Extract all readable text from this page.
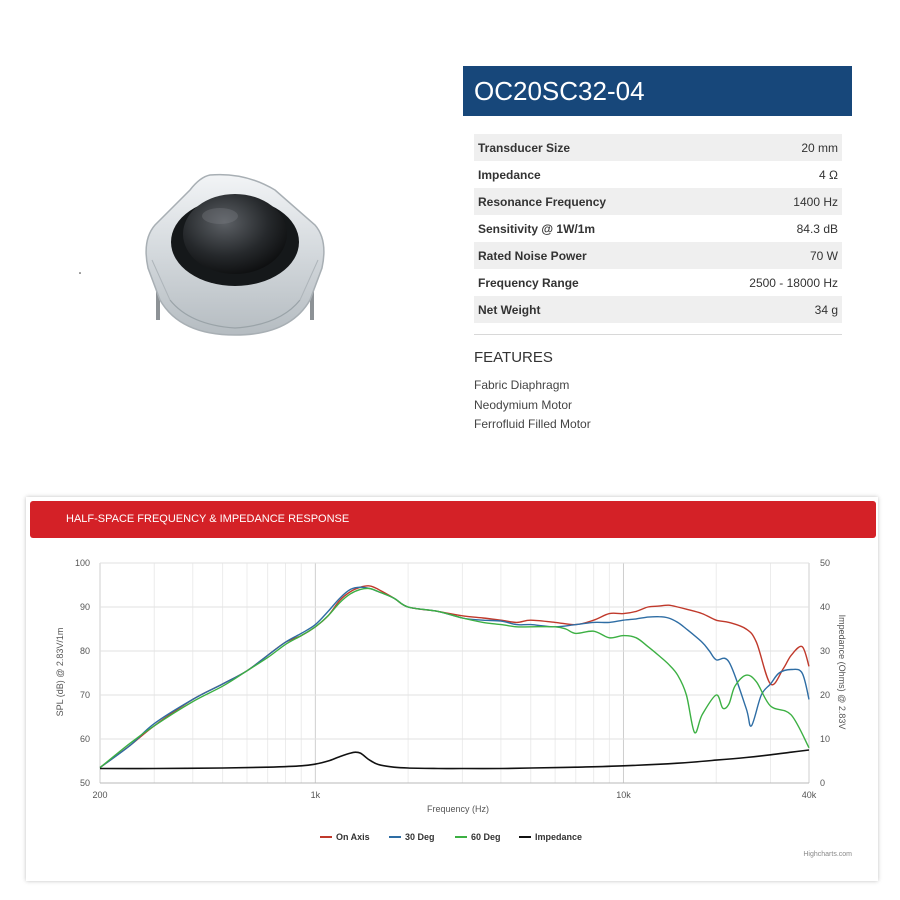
OC20SC32-04
Transducer Size	20 mm
Impedance	4 Ω
Resonance Frequency	1400 Hz
Sensitivity @ 1W/1m	84.3 dB
Rated Noise Power	70 W
Frequency Range	2500 - 18000 Hz
Net Weight	34 g
FEATURES
Fabric Diaphragm
Neodymium Motor
Ferrofluid Filled Motor
HALF-SPACE FREQUENCY & IMPEDANCE RESPONSE
200	1k	10k	40k
50
60
70
80
90
100
0
10
20
30
40
50
Frequency (Hz)
SPL (dB) @ 2.83V/1m	Impedance (Ohms) @ 2.83V
On Axis	30 Deg	60 Deg	Impedance
Highcharts.com
